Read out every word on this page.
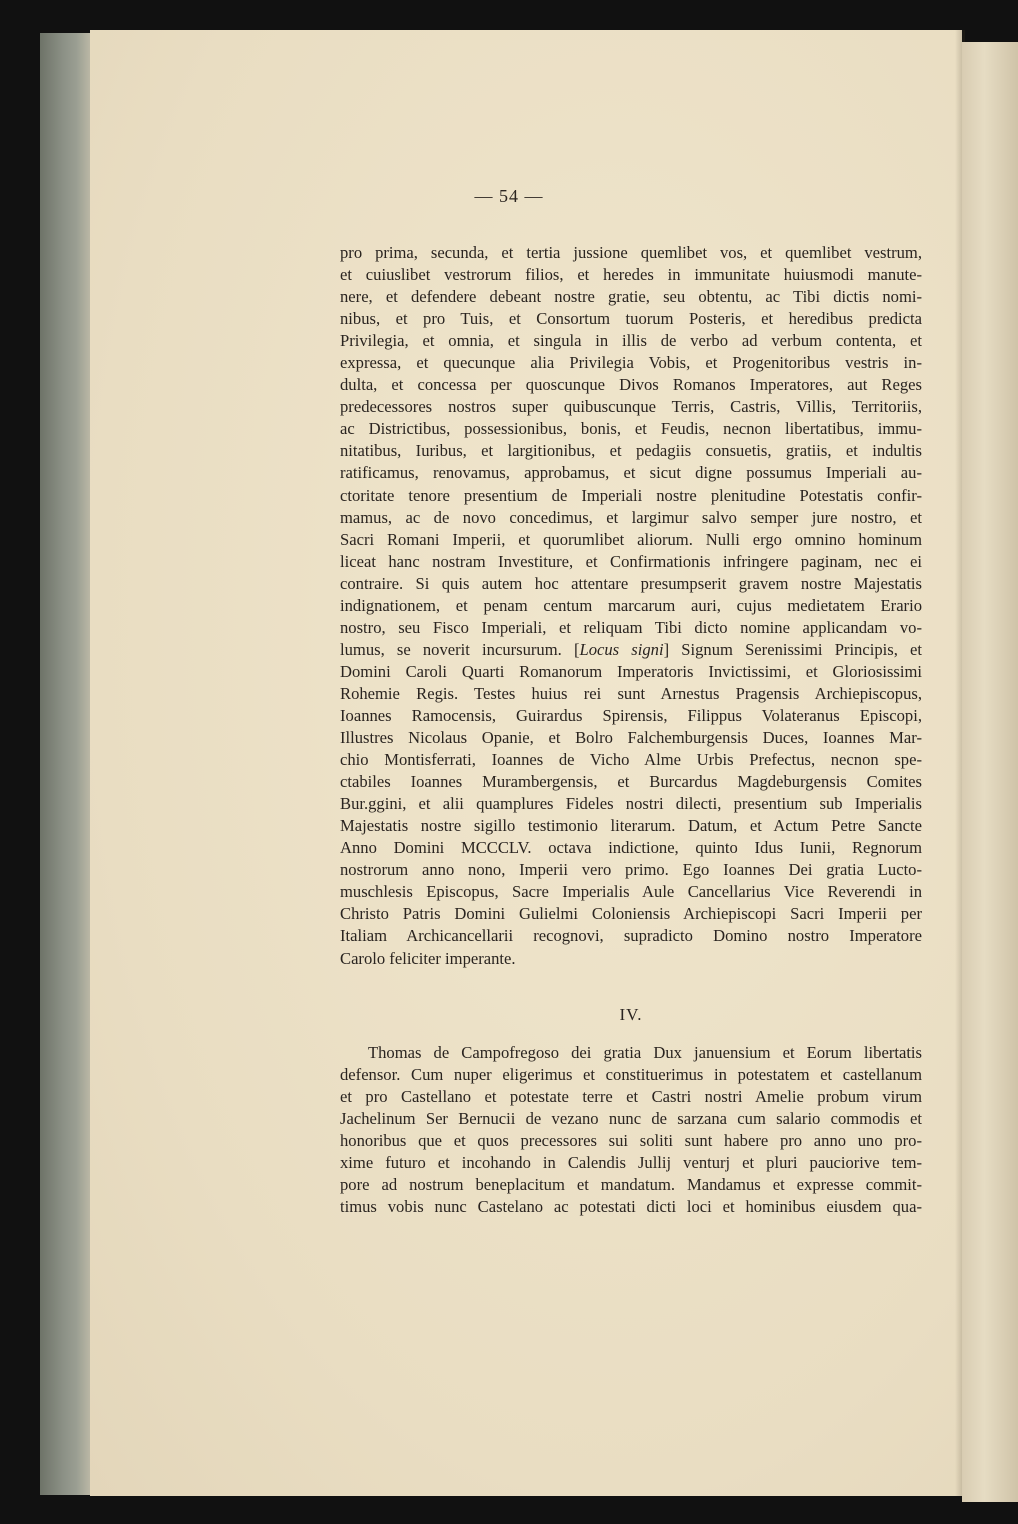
— 54 —
pro prima, secunda, et tertia jussione quemlibet vos, et quemlibet vestrum,
et cuiuslibet vestrorum filios, et heredes in immunitate huiusmodi manute-
nere, et defendere debeant nostre gratie, seu obtentu, ac Tibi dictis nomi-
nibus, et pro Tuis, et Consortum tuorum Posteris, et heredibus predicta
Privilegia, et omnia, et singula in illis de verbo ad verbum contenta, et
expressa, et quecunque alia Privilegia Vobis, et Progenitoribus vestris in-
dulta, et concessa per quoscunque Divos Romanos Imperatores, aut Reges
predecessores nostros super quibuscunque Terris, Castris, Villis, Territoriis,
ac Districtibus, possessionibus, bonis, et Feudis, necnon libertatibus, immu-
nitatibus, Iuribus, et largitionibus, et pedagiis consuetis, gratiis, et indultis
ratificamus, renovamus, approbamus, et sicut digne possumus Imperiali au-
ctoritate tenore presentium de Imperiali nostre plenitudine Potestatis confir-
mamus, ac de novo concedimus, et largimur salvo semper jure nostro, et
Sacri Romani Imperii, et quorumlibet aliorum. Nulli ergo omnino hominum
liceat hanc nostram Investiture, et Confirmationis infringere paginam, nec ei
contraire. Si quis autem hoc attentare presumpserit gravem nostre Majestatis
indignationem, et penam centum marcarum auri, cujus medietatem Erario
nostro, seu Fisco Imperiali, et reliquam Tibi dicto nomine applicandam vo-
lumus, se noverit incursurum. [Locus signi] Signum Serenissimi Principis, et
Domini Caroli Quarti Romanorum Imperatoris Invictissimi, et Gloriosissimi
Rohemie Regis. Testes huius rei sunt Arnestus Pragensis Archiepiscopus,
Ioannes Ramocensis, Guirardus Spirensis, Filippus Volateranus Episcopi,
Illustres Nicolaus Opanie, et Bolro Falchemburgensis Duces, Ioannes Mar-
chio Montisferrati, Ioannes de Vicho Alme Urbis Prefectus, necnon spe-
ctabiles Ioannes Murambergensis, et Burcardus Magdeburgensis Comites
Bur.ggini, et alii quamplures Fideles nostri dilecti, presentium sub Imperialis
Majestatis nostre sigillo testimonio literarum. Datum, et Actum Petre Sancte
Anno Domini MCCCLV. octava indictione, quinto Idus Iunii, Regnorum
nostrorum anno nono, Imperii vero primo. Ego Ioannes Dei gratia Lucto-
muschlesis Episcopus, Sacre Imperialis Aule Cancellarius Vice Reverendi in
Christo Patris Domini Gulielmi Coloniensis Archiepiscopi Sacri Imperii per
Italiam Archicancellarii recognovi, supradicto Domino nostro Imperatore
Carolo feliciter imperante.
IV.
Thomas de Campofregoso dei gratia Dux januensium et Eorum libertatis
defensor. Cum nuper eligerimus et constituerimus in potestatem et castellanum
et pro Castellano et potestate terre et Castri nostri Amelie probum virum
Jachelinum Ser Bernucii de vezano nunc de sarzana cum salario commodis et
honoribus que et quos precessores sui soliti sunt habere pro anno uno pro-
xime futuro et incohando in Calendis Jullij venturj et pluri pauciorive tem-
pore ad nostrum beneplacitum et mandatum. Mandamus et expresse commit-
timus vobis nunc Castelano ac potestati dicti loci et hominibus eiusdem qua-
